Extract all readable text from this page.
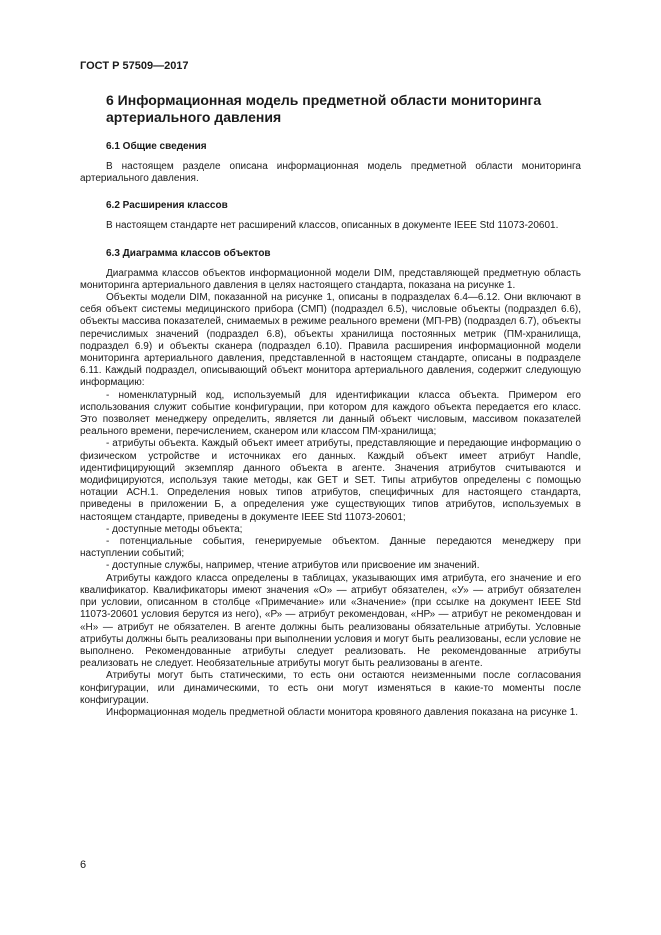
ГОСТ Р 57509—2017
6 Информационная модель предметной области мониторинга артериального давления
6.1 Общие сведения

В настоящем разделе описана информационная модель предметной области мониторинга артериального давления.

6.2 Расширения классов

В настоящем стандарте нет расширений классов, описанных в документе IEEE Std 11073-20601.

6.3 Диаграмма классов объектов

Диаграмма классов объектов информационной модели DIM, представляющей предметную область мониторинга артериального давления в целях настоящего стандарта, показана на рисунке 1.

Объекты модели DIM, показанной на рисунке 1, описаны в подразделах 6.4—6.12. Они включают в себя объект системы медицинского прибора (СМП) (подраздел 6.5), числовые объекты (подраздел 6.6), объекты массива показателей, снимаемых в режиме реального времени (МП-РВ) (подраздел 6.7), объекты перечислимых значений (подраздел 6.8), объекты хранилища постоянных метрик (ПМ-хранилища, подраздел 6.9) и объекты сканера (подраздел 6.10). Правила расширения информационной модели мониторинга артериального давления, представленной в настоящем стандарте, описаны в подразделе 6.11. Каждый подраздел, описывающий объект монитора артериального давления, содержит следующую информацию:

- номенклатурный код, используемый для идентификации класса объекта. Примером его использования служит событие конфигурации, при котором для каждого объекта передается его класс. Это позволяет менеджеру определить, является ли данный объект числовым, массивом показателей реального времени, перечислением, сканером или классом ПМ-хранилища;

- атрибуты объекта. Каждый объект имеет атрибуты, представляющие и передающие информацию о физическом устройстве и источниках его данных. Каждый объект имеет атрибут Handle, идентифицирующий экземпляр данного объекта в агенте. Значения атрибутов считываются и модифицируются, используя такие методы, как GET и SET. Типы атрибутов определены с помощью нотации АСН.1. Определения новых типов атрибутов, специфичных для настоящего стандарта, приведены в приложении Б, а определения уже существующих типов атрибутов, используемых в настоящем стандарте, приведены в документе IEEE Std 11073-20601;

- доступные методы объекта;

- потенциальные события, генерируемые объектом. Данные передаются менеджеру при наступлении событий;

- доступные службы, например, чтение атрибутов или присвоение им значений.

Атрибуты каждого класса определены в таблицах, указывающих имя атрибута, его значение и его квалификатор. Квалификаторы имеют значения «О» — атрибут обязателен, «У» — атрибут обязателен при условии, описанном в столбце «Примечание» или «Значение» (при ссылке на документ IEEE Std 11073-20601 условия берутся из него), «Р» — атрибут рекомендован, «НР» — атрибут не рекомендован и «Н» — атрибут не обязателен. В агенте должны быть реализованы обязательные атрибуты. Условные атрибуты должны быть реализованы при выполнении условия и могут быть реализованы, если условие не выполнено. Рекомендованные атрибуты следует реализовать. Не рекомендованные атрибуты реализовать не следует. Необязательные атрибуты могут быть реализованы в агенте.

Атрибуты могут быть статическими, то есть они остаются неизменными после согласования конфигурации, или динамическими, то есть они могут изменяться в какие-то моменты после конфигурации.

Информационная модель предметной области монитора кровяного давления показана на рисунке 1.

6
